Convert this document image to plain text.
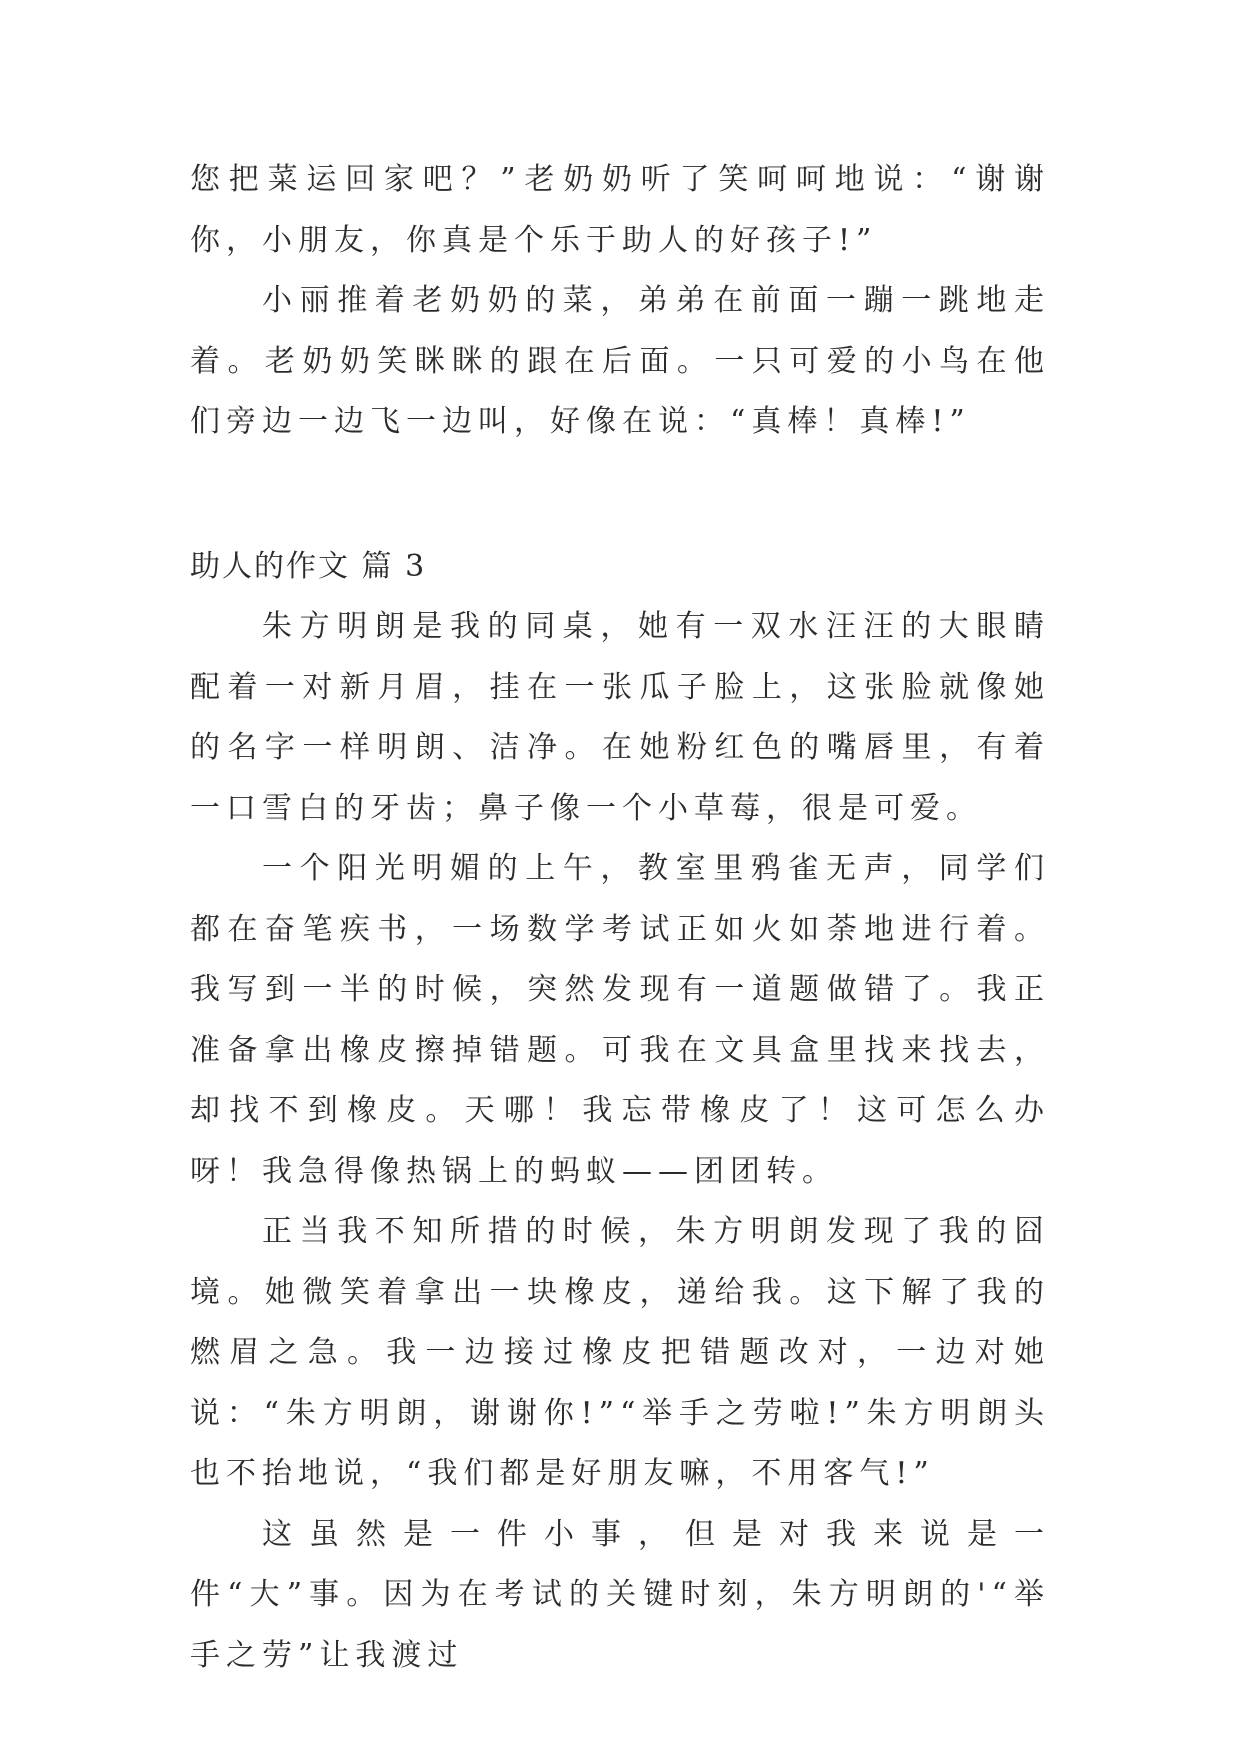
您把菜运回家吧？”老奶奶听了笑呵呵地说：“谢谢你，小朋友，你真是个乐于助人的好孩子!”

小丽推着老奶奶的菜，弟弟在前面一蹦一跳地走着。老奶奶笑眯眯的跟在后面。一只可爱的小鸟在他们旁边一边飞一边叫，好像在说：“真棒！真棒!”

助人的作文 篇 3

朱方明朗是我的同桌，她有一双水汪汪的大眼睛配着一对新月眉，挂在一张瓜子脸上，这张脸就像她的名字一样明朗、洁净。在她粉红色的嘴唇里，有着一口雪白的牙齿；鼻子像一个小草莓，很是可爱。

一个阳光明媚的上午，教室里鸦雀无声，同学们都在奋笔疾书，一场数学考试正如火如荼地进行着。我写到一半的时候，突然发现有一道题做错了。我正准备拿出橡皮擦掉错题。可我在文具盒里找来找去，却找不到橡皮。天哪！我忘带橡皮了！这可怎么办呀！我急得像热锅上的蚂蚁——团团转。

正当我不知所措的时候，朱方明朗发现了我的囧境。她微笑着拿出一块橡皮，递给我。这下解了我的燃眉之急。我一边接过橡皮把错题改对，一边对她说：“朱方明朗，谢谢你!”“举手之劳啦!”朱方明朗头也不抬地说，“我们都是好朋友嘛，不用客气!”

这虽然是一件小事，但是对我来说是一件“大”事。因为在考试的关键时刻，朱方明朗的'“举手之劳”让我渡过
